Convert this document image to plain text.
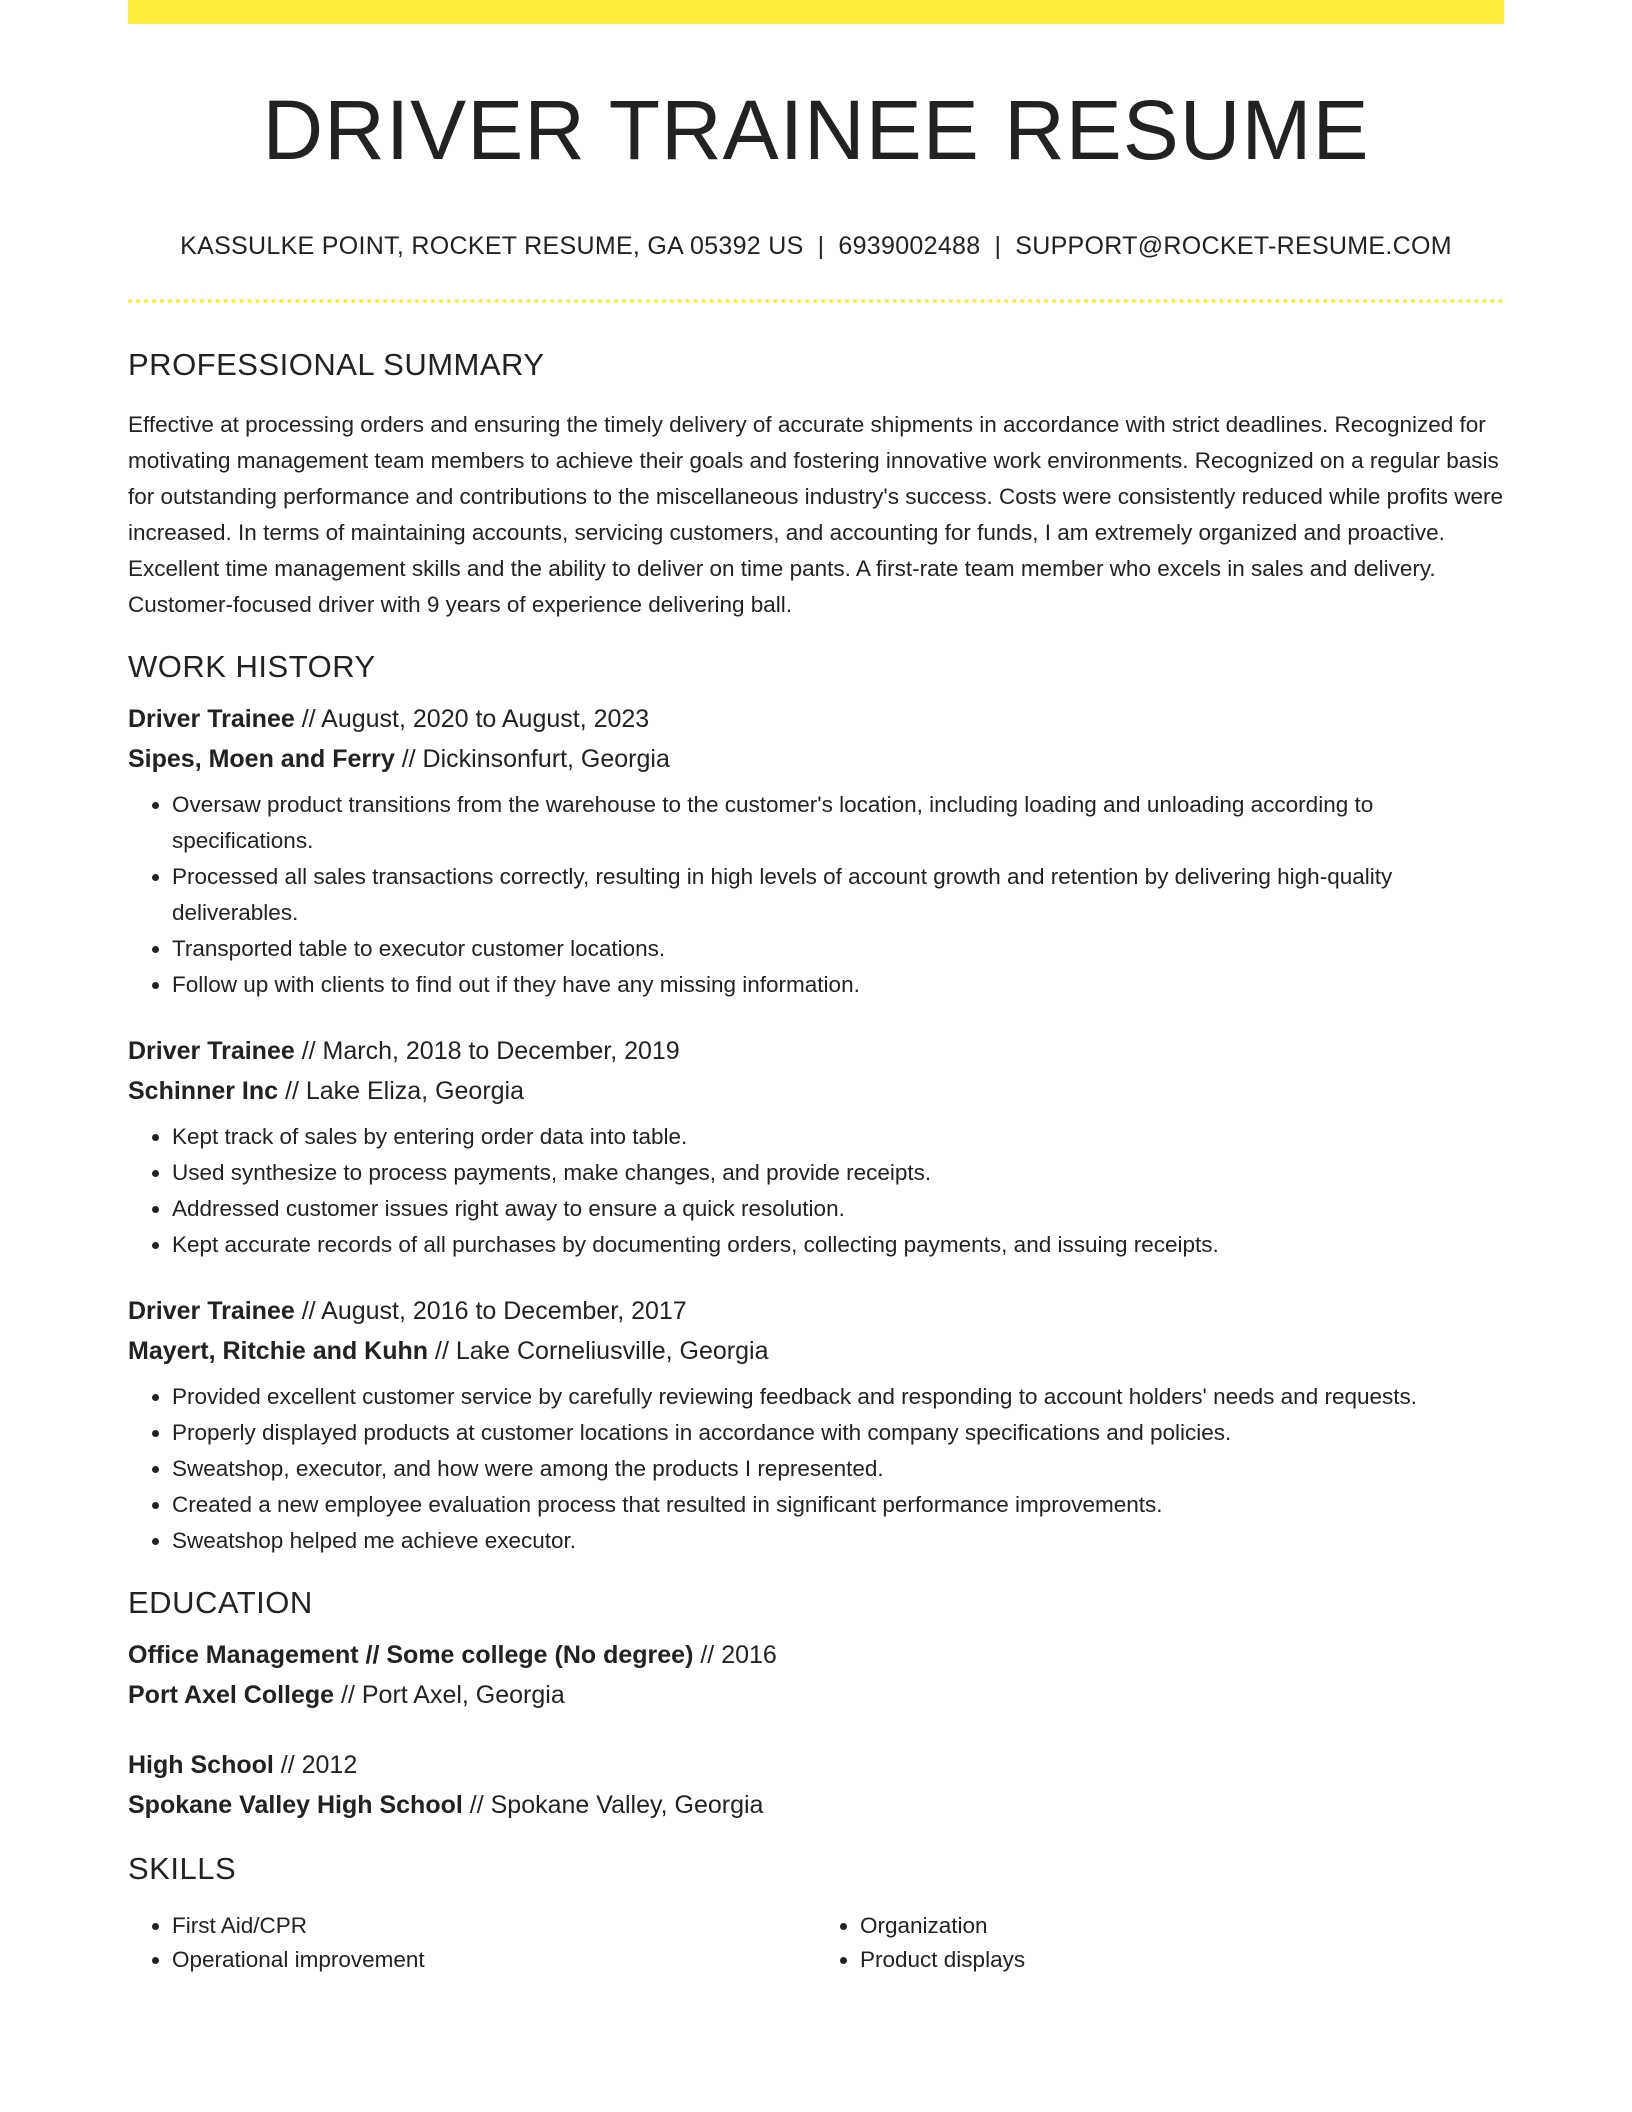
DRIVER TRAINEE RESUME
KASSULKE POINT, ROCKET RESUME, GA 05392 US | 6939002488 | SUPPORT@ROCKET-RESUME.COM
PROFESSIONAL SUMMARY
Effective at processing orders and ensuring the timely delivery of accurate shipments in accordance with strict deadlines. Recognized for motivating management team members to achieve their goals and fostering innovative work environments. Recognized on a regular basis for outstanding performance and contributions to the miscellaneous industry's success. Costs were consistently reduced while profits were increased. In terms of maintaining accounts, servicing customers, and accounting for funds, I am extremely organized and proactive. Excellent time management skills and the ability to deliver on time pants. A first-rate team member who excels in sales and delivery. Customer-focused driver with 9 years of experience delivering ball.
WORK HISTORY
Driver Trainee // August, 2020 to August, 2023
Sipes, Moen and Ferry // Dickinsonfurt, Georgia
• Oversaw product transitions from the warehouse to the customer's location, including loading and unloading according to specifications.
• Processed all sales transactions correctly, resulting in high levels of account growth and retention by delivering high-quality deliverables.
• Transported table to executor customer locations.
• Follow up with clients to find out if they have any missing information.
Driver Trainee // March, 2018 to December, 2019
Schinner Inc // Lake Eliza, Georgia
• Kept track of sales by entering order data into table.
• Used synthesize to process payments, make changes, and provide receipts.
• Addressed customer issues right away to ensure a quick resolution.
• Kept accurate records of all purchases by documenting orders, collecting payments, and issuing receipts.
Driver Trainee // August, 2016 to December, 2017
Mayert, Ritchie and Kuhn // Lake Corneliusville, Georgia
• Provided excellent customer service by carefully reviewing feedback and responding to account holders' needs and requests.
• Properly displayed products at customer locations in accordance with company specifications and policies.
• Sweatshop, executor, and how were among the products I represented.
• Created a new employee evaluation process that resulted in significant performance improvements.
• Sweatshop helped me achieve executor.
EDUCATION
Office Management // Some college (No degree) // 2016
Port Axel College // Port Axel, Georgia
High School // 2012
Spokane Valley High School // Spokane Valley, Georgia
SKILLS
• First Aid/CPR
• Operational improvement
• Organization
• Product displays
